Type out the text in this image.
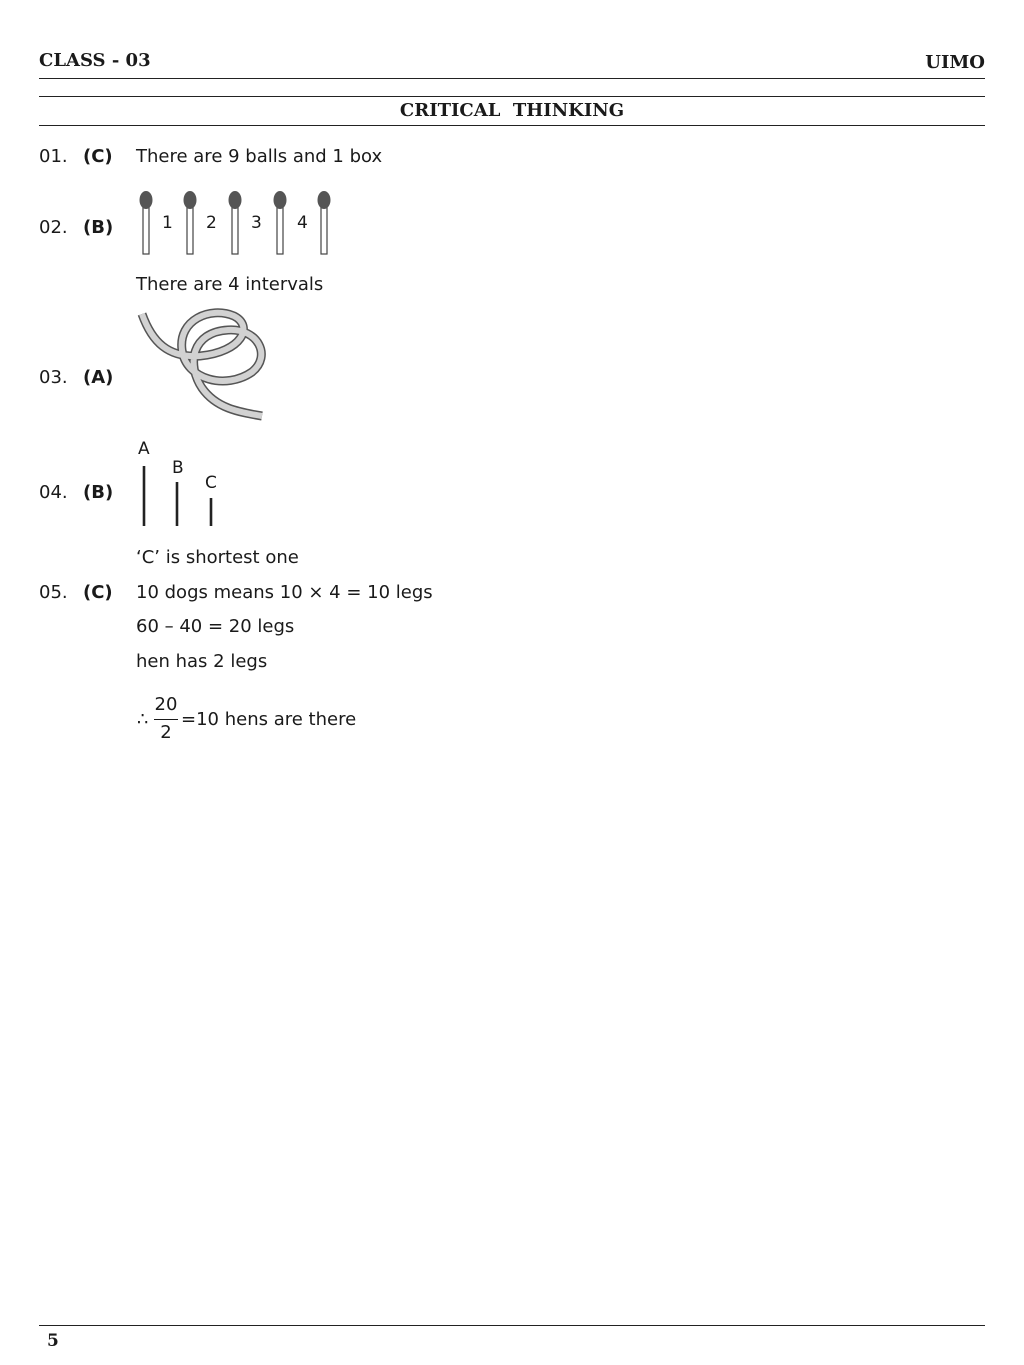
CLASS - 03	UIMO
CRITICAL  THINKING
01. (C) There are 9 balls and 1 box
02. (B)	1 2 3 4
There are 4 intervals
03. (A)
04. (B)
A
B
C
‘C’ is shortest one
05. (C) 10 dogs means 10 × 4 = 10 legs
60 – 40 = 20 legs
hen has 2 legs
∴
20
2
=10 hens are there
5
